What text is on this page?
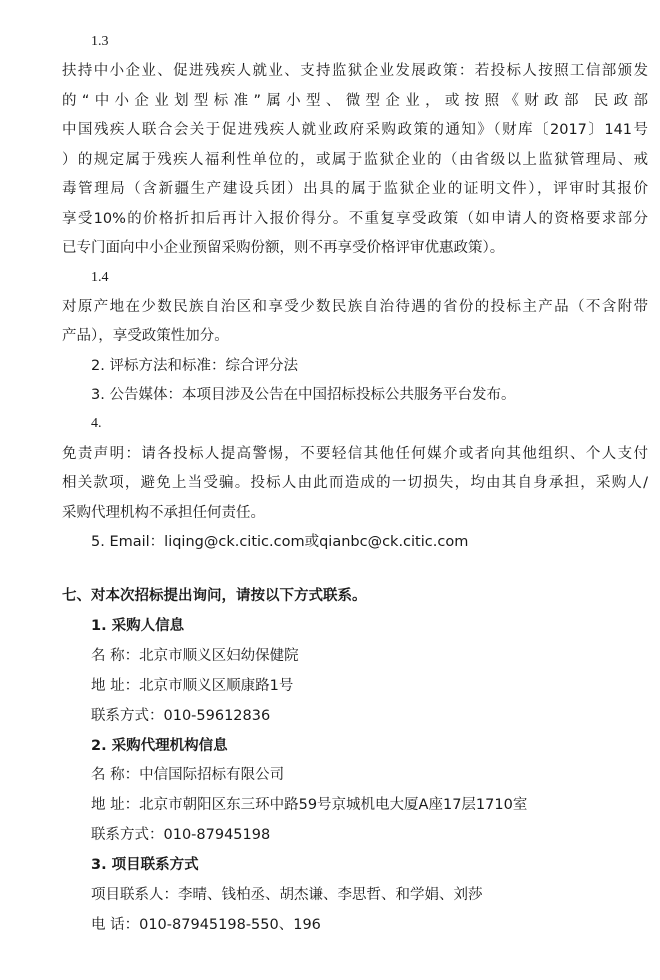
1.3
扶持中小企业、促进残疾人就业、支持监狱企业发展政策：若投标人按照工信部颁发
的“中小企业划型标准”属小型、微型企业，或按照《财政部 民政部
中国残疾人联合会关于促进残疾人就业政府采购政策的通知》（财库〔2017〕141号
）的规定属于残疾人福利性单位的，或属于监狱企业的（由省级以上监狱管理局、戒
毒管理局（含新疆生产建设兵团）出具的属于监狱企业的证明文件），评审时其报价
享受10%的价格折扣后再计入报价得分。不重复享受政策（如申请人的资格要求部分
已专门面向中小企业预留采购份额，则不再享受价格评审优惠政策）。
1.4
对原产地在少数民族自治区和享受少数民族自治待遇的省份的投标主产品（不含附带
产品），享受政策性加分。
2. 评标方法和标准：综合评分法
3. 公告媒体：本项目涉及公告在中国招标投标公共服务平台发布。
4.
免责声明：请各投标人提高警惕，不要轻信其他任何媒介或者向其他组织、个人支付
相关款项，避免上当受骗。投标人由此而造成的一切损失，均由其自身承担，采购人/
采购代理机构不承担任何责任。
5. Email：liqing@ck.citic.com或qianbc@ck.citic.com
七、对本次招标提出询问，请按以下方式联系。
1. 采购人信息
名 称：北京市顺义区妇幼保健院
地 址：北京市顺义区顺康路1号
联系方式：010-59612836
2. 采购代理机构信息
名 称：中信国际招标有限公司
地 址：北京市朝阳区东三环中路59号京城机电大厦A座17层1710室
联系方式：010-87945198
3. 项目联系方式
项目联系人：李晴、钱柏丞、胡杰谦、李思哲、和学娟、刘莎
电 话：010-87945198-550、196
